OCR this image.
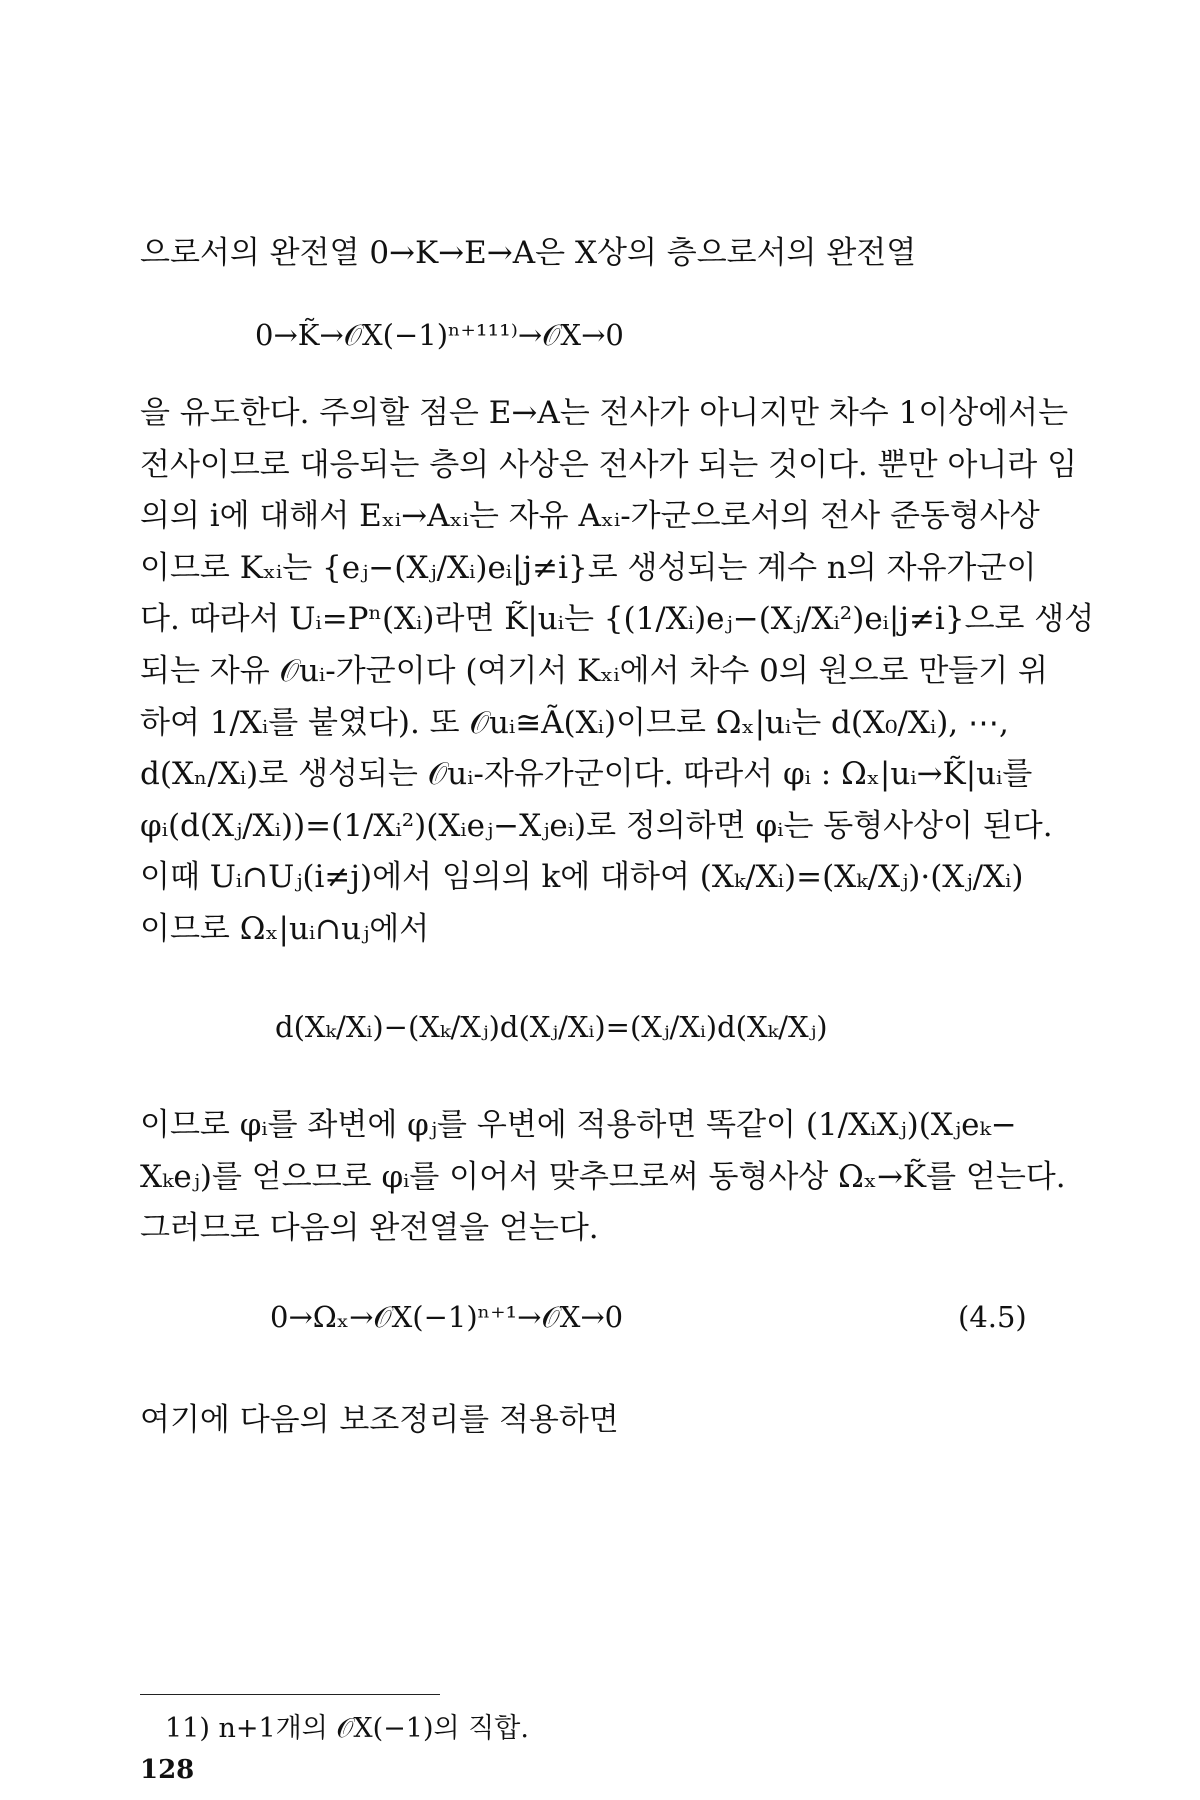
으로서의 완전열 0→K→E→A은 X상의 층으로서의 완전열

0→K̃→𝒪X(−1)ⁿ⁺¹¹¹⁾→𝒪X→0

을 유도한다. 주의할 점은 E→A는 전사가 아니지만 차수 1이상에서는
전사이므로 대응되는 층의 사상은 전사가 되는 것이다. 뿐만 아니라 임
의의 i에 대해서 Eₓᵢ→Aₓᵢ는 자유 Aₓᵢ-가군으로서의 전사 준동형사상
이므로 Kₓᵢ는 {eⱼ−(Xⱼ/Xᵢ)eᵢ|j≠i}로 생성되는 계수 n의 자유가군이
다. 따라서 Uᵢ=Pⁿ(Xᵢ)라면 K̃|uᵢ는 {(1/Xᵢ)eⱼ−(Xⱼ/Xᵢ²)eᵢ|j≠i}으로 생성
되는 자유 𝒪uᵢ-가군이다 (여기서 Kₓᵢ에서 차수 0의 원으로 만들기 위
하여 1/Xᵢ를 붙였다). 또 𝒪uᵢ≅Ã(Xᵢ)이므로 Ωₓ|uᵢ는 d(X₀/Xᵢ), ⋯,
d(Xₙ/Xᵢ)로 생성되는 𝒪uᵢ-자유가군이다. 따라서 φᵢ : Ωₓ|uᵢ→K̃|uᵢ를
φᵢ(d(Xⱼ/Xᵢ))=(1/Xᵢ²)(Xᵢeⱼ−Xⱼeᵢ)로 정의하면 φᵢ는 동형사상이 된다.
이때 Uᵢ∩Uⱼ(i≠j)에서 임의의 k에 대하여 (Xₖ/Xᵢ)=(Xₖ/Xⱼ)·(Xⱼ/Xᵢ)
이므로 Ωₓ|uᵢ∩uⱼ에서

d(Xₖ/Xᵢ)−(Xₖ/Xⱼ)d(Xⱼ/Xᵢ)=(Xⱼ/Xᵢ)d(Xₖ/Xⱼ)

이므로 φᵢ를 좌변에 φⱼ를 우변에 적용하면 똑같이 (1/XᵢXⱼ)(Xⱼeₖ−
Xₖeⱼ)를 얻으므로 φᵢ를 이어서 맞추므로써 동형사상 Ωₓ→K̃를 얻는다.
그러므로 다음의 완전열을 얻는다.

0→Ωₓ→𝒪X(−1)ⁿ⁺¹→𝒪X→0	(4.5)

여기에 다음의 보조정리를 적용하면

11) n+1개의 𝒪X(−1)의 직합.

128
